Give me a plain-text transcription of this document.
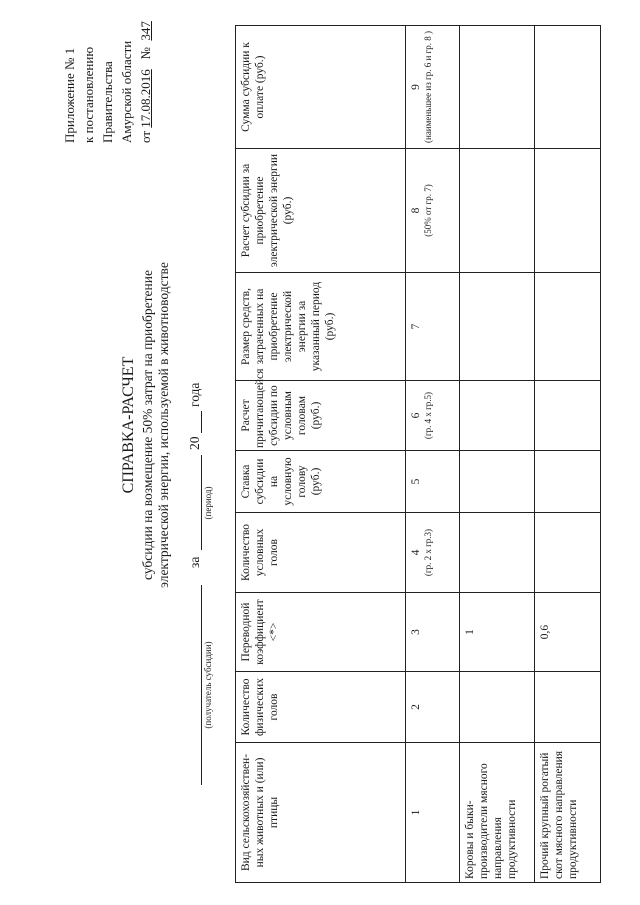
Приложение № 1 к постановлению Правительства Амурской области от 17.08.2016   №  347
СПРАВКА-РАСЧЕТ субсидии на возмещение 50% затрат на приобретение электрической энергии, используемой в животноводстве
(получатель субсидии)
за
(период)
20
года
Вид сельскохозяйствен-ных животных и (или) птицы	Количество физических голов	Переводной коэффициент <*>	Количество условных голов	Ставка субсидии на условную голову (руб.)	Расчет причитающейся субсидии по условным головам (руб.)	Размер средств, затраченных на приобретение электрической энергии за указанный период (руб.)	Расчет субсидии за приобретение электрической энергии (руб.)	Сумма субсидии к оплате (руб.)
1	2	3	4 (гр. 2 x гр.3)	5	6 (гр. 4 x гр.5)	7	8 (50% от гр. 7)	9 (наименьшее из гр. 6 и гр. 8 )

Коровы и быки-производители мясного направления продуктивности		1						
Прочий крупный рогатый скот мясного направления продуктивности		0,6						
